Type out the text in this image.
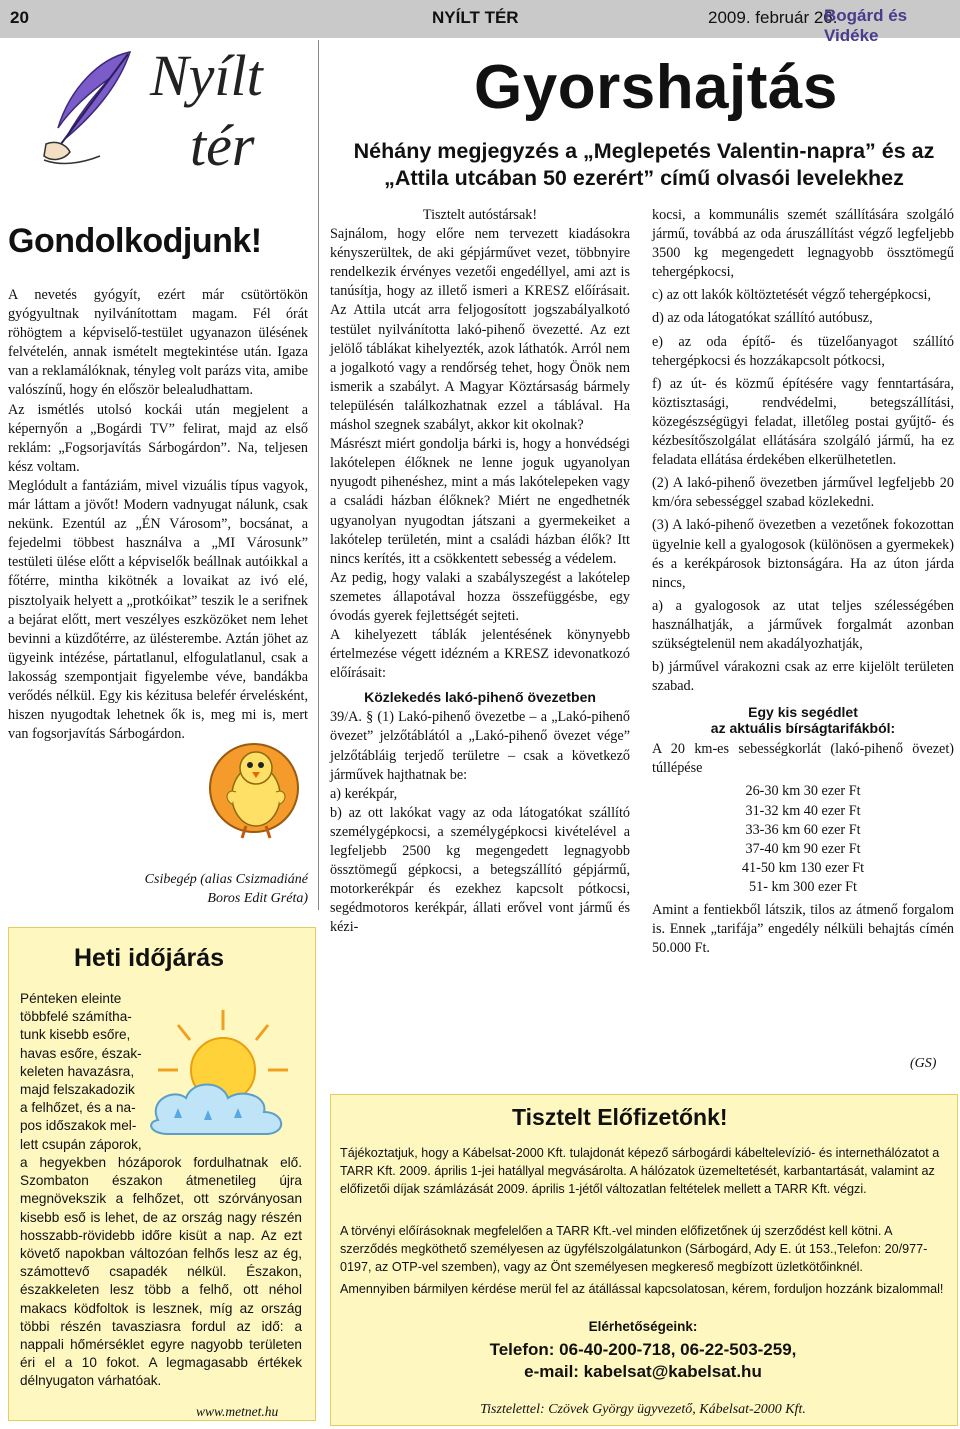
20	NYÍLT TÉR	2009. február 26.
Bogárd és Vidéke
Nyílt
tér
Gondolkodjunk!

A nevetés gyógyít, ezért már csütörtökön gyógyultnak nyilvánítottam magam. Fél órát röhögtem a képviselő-testület ugyanazon ülésének felvételén, annak ismételt megtekintése után. Igaza van a reklamálóknak, tényleg volt parázs vita, amibe valószínű, hogy én először belealudhattam.

Az ismétlés utolsó kockái után megjelent a képernyőn a „Bogárdi TV” felirat, majd az első reklám: „Fogsorjavítás Sárbogárdon”. Na, teljesen kész voltam.

Meglódult a fantáziám, mivel vizuális típus vagyok, már láttam a jövőt! Modern vadnyugat nálunk, csak nekünk. Ezentúl az „ÉN Városom”, bocsánat, a fejedelmi többest használva a „MI Városunk” testületi ülése előtt a képviselők beállnak autóikkal a főtérre, mintha kikötnék a lovaikat az ivó elé, pisztolyaik helyett a „protkóikat” teszik le a serifnek a bejárat előtt, mert veszélyes eszközöket nem lehet bevinni a küzdőtérre, az ülésterembe. Aztán jöhet az ügyeink intézése, pártatlanul, elfogulatlanul, csak a lakosság szempontjait figyelembe véve, bandákba verődés nélkül. Egy kis kézitusa belefér érvelésként, hiszen nyugodtak lehetnek ők is, meg mi is, mert van fogsorjavítás Sárbogárdon.

Csibegép (alias Csizmadiáné
Boros Edit Gréta)
Heti időjárás
Pénteken eleinte
többfelé számítha-
tunk kisebb esőre,
havas esőre, észak-
keleten havazásra,
majd felszakadozik
a felhőzet, és a na-
pos időszakok mel-
lett csupán záporok,
a hegyekben hózáporok fordulhatnak elő. Szombaton északon átmenetileg újra megnövekszik a felhőzet, ott szórványosan kisebb eső is lehet, de az ország nagy részén hosszabb-rövidebb időre kisüt a nap. Az ezt követő napokban változóan felhős lesz az ég, számottevő csapadék nélkül. Északon, északkeleten lesz több a felhő, ott néhol makacs ködfoltok is lesznek, míg az ország többi részén tavasziasra fordul az idő: a nappali hőmérséklet egyre nagyobb területen éri el a 10 fokot. A legmagasabb értékek délnyugaton várhatóak.
www.metnet.hu
Gyorshajtás
Néhány megjegyzés a „Meglepetés Valentin-napra” és az „Attila utcában 50 ezerért” című olvasói levelekhez

Tisztelt autóstársak!

Sajnálom, hogy előre nem tervezett kiadásokra kényszerültek, de aki gépjárművet vezet, többnyire rendelkezik érvényes vezetői engedéllyel, ami azt is tanúsítja, hogy az illető ismeri a KRESZ előírásait. Az Attila utcát arra feljogosított jogszabályalkotó testület nyilvánította lakó-pihenő övezetté. Az ezt jelölő táblákat kihelyezték, azok láthatók. Arról nem a jogalkotó vagy a rendőrség tehet, hogy Önök nem ismerik a szabályt. A Magyar Köztársaság bármely településén találkozhatnak ezzel a táblával. Ha máshol szegnek szabályt, akkor kit okolnak?

Másrészt miért gondolja bárki is, hogy a honvédségi lakótelepen élőknek ne lenne joguk ugyanolyan nyugodt pihenéshez, mint a más lakótelepeken vagy a családi házban élőknek? Miért ne engedhetnék ugyanolyan nyugodtan játszani a gyermekeiket a lakótelep területén, mint a családi házban élők? Itt nincs kerítés, itt a csökkentett sebesség a védelem.

Az pedig, hogy valaki a szabályszegést a lakótelep szemetes állapotával hozza összefüggésbe, egy óvodás gyerek fejlettségét sejteti.

A kihelyezett táblák jelentésének könynyebb értelmezése végett idézném a KRESZ idevonatkozó előírásait:

Közlekedés lakó-pihenő övezetben

39/A. § (1) Lakó-pihenő övezetbe – a „Lakó-pihenő övezet” jelzőtáblától a „Lakó-pihenő övezet vége” jelzőtábláig terjedő területre – csak a következő járművek hajthatnak be:

a) kerékpár,

b) az ott lakókat vagy az oda látogatókat szállító személygépkocsi, a személygépkocsi kivételével a legfeljebb 2500 kg megengedett legnagyobb össztömegű gépkocsi, a betegszállító gépjármű, motorkerékpár és ezekhez kapcsolt pótkocsi, segédmotoros kerékpár, állati erővel vont jármű és kézi-

kocsi, a kommunális szemét szállítására szolgáló jármű, továbbá az oda áruszállítást végző legfeljebb 3500 kg megengedett legnagyobb össztömegű tehergépkocsi,

c) az ott lakók költöztetését végző tehergépkocsi,

d) az oda látogatókat szállító autóbusz,

e) az oda építő- és tüzelőanyagot szállító tehergépkocsi és hozzákapcsolt pótkocsi,

f) az út- és közmű építésére vagy fenntartására, köztisztasági, rendvédelmi, betegszállítási, közegészségügyi feladat, illetőleg postai gyűjtő- és kézbesítőszolgálat ellátására szolgáló jármű, ha ez feladata ellátása érdekében elkerülhetetlen.

(2) A lakó-pihenő övezetben járművel legfeljebb 20 km/óra sebességgel szabad közlekedni.

(3) A lakó-pihenő övezetben a vezetőnek fokozottan ügyelnie kell a gyalogosok (különösen a gyermekek) és a kerékpárosok biztonságára. Ha az úton járda nincs,

a) a gyalogosok az utat teljes szélességében használhatják, a járművek forgalmát azonban szükségtelenül nem akadályozhatják,

b) járművel várakozni csak az erre kijelölt területen szabad.

Egy kis segédlet

az aktuális bírságtarifákból:

A 20 km-es sebességkorlát (lakó-pihenő övezet) túllépése

26-30 km 30 ezer Ft
31-32 km 40 ezer Ft
33-36 km 60 ezer Ft
37-40 km 90 ezer Ft
41-50 km 130 ezer Ft
51- km 300 ezer Ft

Amint a fentiekből látszik, tilos az átmenő forgalom is. Ennek „tarifája” engedély nélküli behajtás címén 50.000 Ft.

(GS)
Tisztelt Előfizetőnk!
Tájékoztatjuk, hogy a Kábelsat-2000 Kft. tulajdonát képező sárbogárdi kábeltelevízió- és internethálózatot a TARR Kft. 2009. április 1-jei hatállyal megvásárolta. A hálózatok üzemeltetését, karbantartását, valamint az előfizetői díjak számlázását 2009. április 1-jétől változatlan feltételek mellett a TARR Kft. végzi.
A törvényi előírásoknak megfelelően a TARR Kft.-vel minden előfizetőnek új szerződést kell kötni. A szerződés megköthető személyesen az ügyfélszolgálatunkon (Sárbogárd, Ady E. út 153.,Telefon: 20/977-0197, az OTP-vel szemben), vagy az Önt személyesen megkereső megbízott üzletkötőinknél.
Amennyiben bármilyen kérdése merül fel az átállással kapcsolatosan, kérem, forduljon hozzánk bizalommal!
Elérhetőségeink:
Telefon: 06-40-200-718, 06-22-503-259,
e-mail: kabelsat@kabelsat.hu
Tisztelettel: Czövek György ügyvezető, Kábelsat-2000 Kft.
